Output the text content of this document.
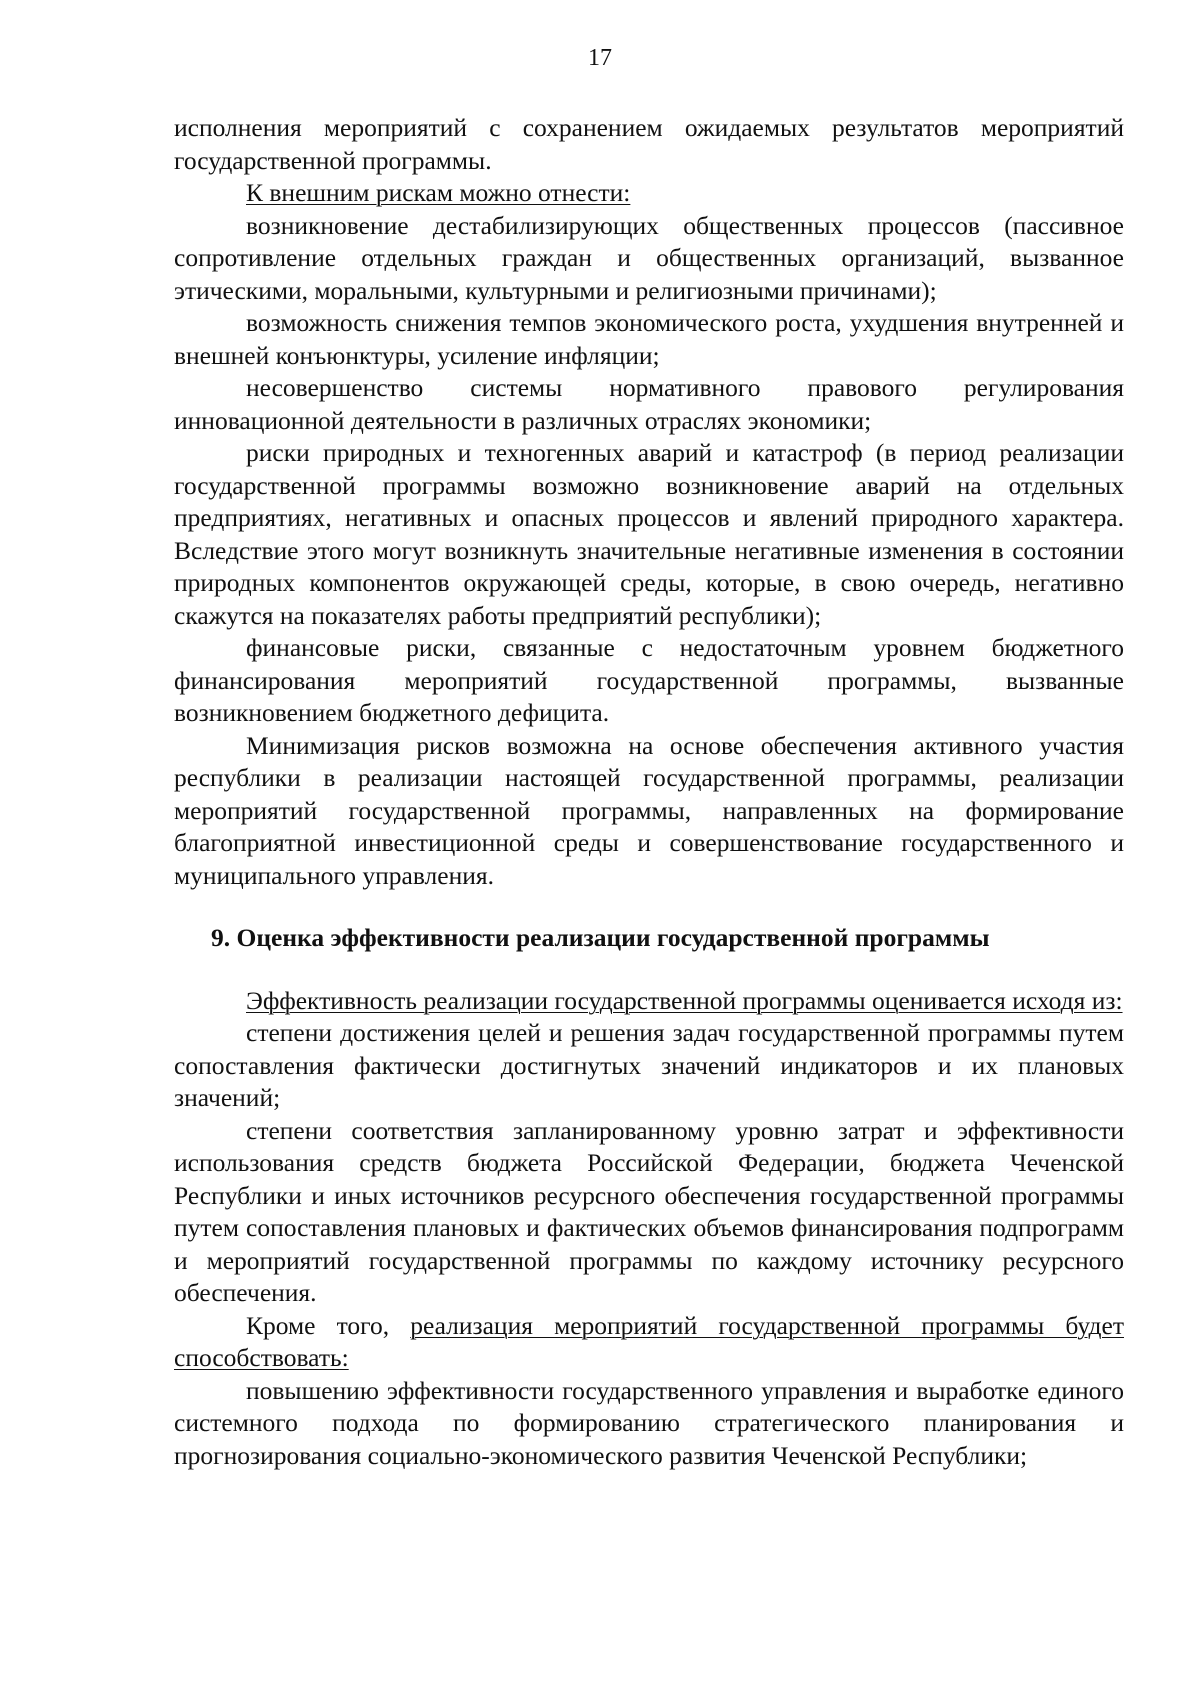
17

исполнения мероприятий с сохранением ожидаемых результатов мероприятий государственной программы.

К внешним рискам можно отнести:

возникновение дестабилизирующих общественных процессов (пассивное сопротивление отдельных граждан и общественных организаций, вызванное этическими, моральными, культурными и религиозными причинами);

возможность снижения темпов экономического роста, ухудшения внутренней и внешней конъюнктуры, усиление инфляции;

несовершенство системы нормативного правового регулирования инновационной деятельности в различных отраслях экономики;

риски природных и техногенных аварий и катастроф (в период реализации государственной программы возможно возникновение аварий на отдельных предприятиях, негативных и опасных процессов и явлений природного характера. Вследствие этого могут возникнуть значительные негативные изменения в состоянии природных компонентов окружающей среды, которые, в свою очередь, негативно скажутся на показателях работы предприятий республики);

финансовые риски, связанные с недостаточным уровнем бюджетного финансирования мероприятий государственной программы, вызванные возникновением бюджетного дефицита.

Минимизация рисков возможна на основе обеспечения активного участия республики в реализации настоящей государственной программы, реализации мероприятий государственной программы, направленных на формирование благоприятной инвестиционной среды и совершенствование государственного и муниципального управления.

9. Оценка эффективности реализации государственной программы

Эффективность реализации государственной программы оценивается исходя из:

степени достижения целей и решения задач государственной программы путем сопоставления фактически достигнутых значений индикаторов и их плановых значений;

степени соответствия запланированному уровню затрат и эффективности использования средств бюджета Российской Федерации, бюджета Чеченской Республики и иных источников ресурсного обеспечения государственной программы путем сопоставления плановых и фактических объемов финансирования подпрограмм и мероприятий государственной программы по каждому источнику ресурсного обеспечения.

Кроме того, реализация мероприятий государственной программы будет способствовать:

повышению эффективности государственного управления и выработке единого системного подхода по формированию стратегического планирования и прогнозирования социально-экономического развития Чеченской Республики;
